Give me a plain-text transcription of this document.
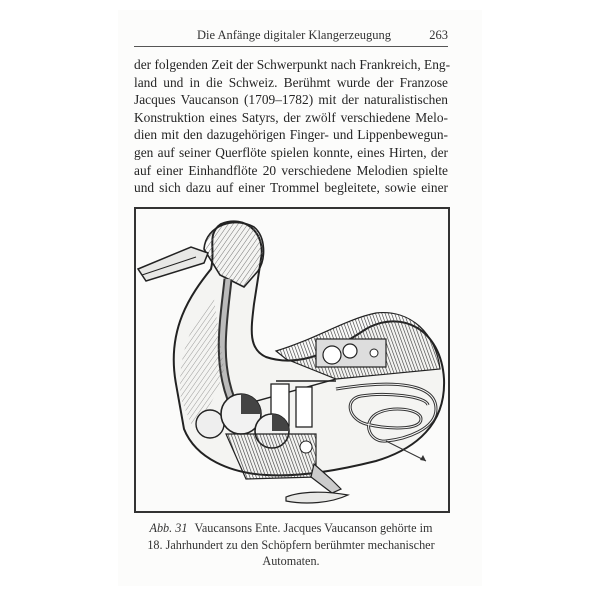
Die Anfänge digitaler Klangerzeugung	263
der folgenden Zeit der Schwerpunkt nach Frankreich, Eng-
land und in die Schweiz. Berühmt wurde der Franzose
Jacques Vaucanson (1709–1782) mit der naturalistischen
Konstruktion eines Satyrs, der zwölf verschiedene Melo-
dien mit den dazugehörigen Finger- und Lippenbewegun-
gen auf seiner Querflöte spielen konnte, eines Hirten, der
auf einer Einhandflöte 20 verschiedene Melodien spielte
und sich dazu auf einer Trommel begleitete, sowie einer
Abb. 31 Vaucansons Ente. Jacques Vaucanson gehörte im
18. Jahrhundert zu den Schöpfern berühmter mechanischer
Automaten.
